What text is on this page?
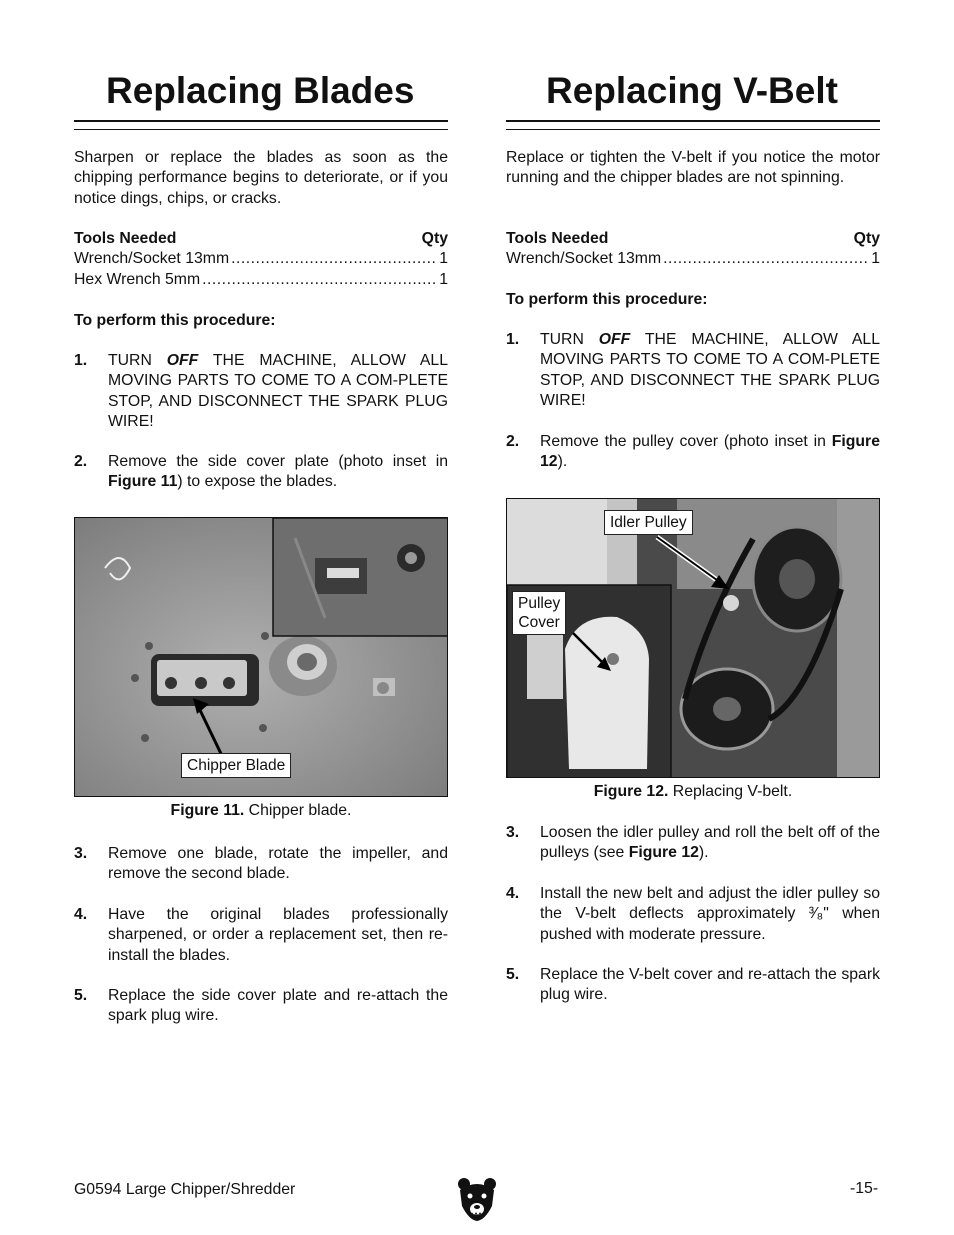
Replacing Blades
Sharpen or replace the blades as soon as the chipping performance begins to deteriorate, or if you notice dings, chips, or cracks.
Tools Needed	Qty
Wrench/Socket 13mm .....	1
Hex Wrench 5mm .....	1
To perform this procedure:
1. TURN OFF THE MACHINE, ALLOW ALL MOVING PARTS TO COME TO A COM-PLETE STOP, AND DISCONNECT THE SPARK PLUG WIRE!
2. Remove the side cover plate (photo inset in Figure 11) to expose the blades.
Chipper Blade
Figure 11. Chipper blade.
3. Remove one blade, rotate the impeller, and remove the second blade.
4. Have the original blades professionally sharpened, or order a replacement set, then re-install the blades.
5. Replace the side cover plate and re-attach the spark plug wire.
Replacing V-Belt
Replace or tighten the V-belt if you notice the motor running and the chipper blades are not spinning.
Tools Needed	Qty
Wrench/Socket 13mm .....	1
To perform this procedure:
1. TURN OFF THE MACHINE, ALLOW ALL MOVING PARTS TO COME TO A COM-PLETE STOP, AND DISCONNECT THE SPARK PLUG WIRE!
2. Remove the pulley cover (photo inset in Figure 12).
Idler Pulley
Pulley
Cover
Figure 12. Replacing V-belt.
3. Loosen the idler pulley and roll the belt off of the pulleys (see Figure 12).
4. Install the new belt and adjust the idler pulley so the V-belt deflects approximately ³⁄₈" when pushed with moderate pressure.
5. Replace the V-belt cover and re-attach the spark plug wire.
G0594 Large Chipper/Shredder	-15-
